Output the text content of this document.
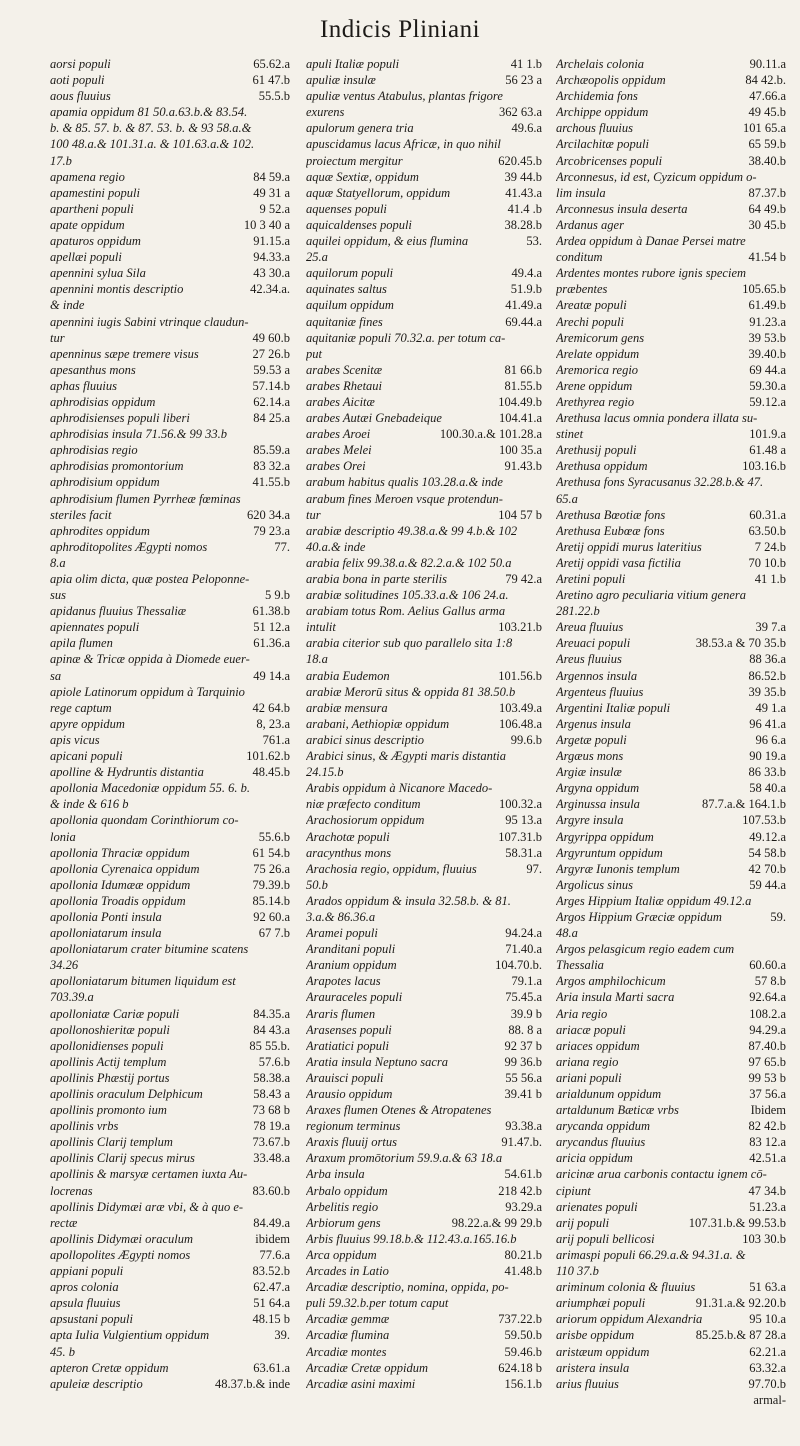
Indicis Pliniani
aorsi populi	65.62.a
aoti populi	61 47.b
aous fluuius	55.5.b
apamia oppidum 81 50.a.63.b.& 83.54.
b. & 85. 57. b. & 87. 53. b. & 93 58.a.&
100 48.a.& 101.31.a. & 101.63.a.& 102.
17.b
apamena regio	84 59.a
apamestini populi	49 31 a
apartheni populi	9 52.a
apate oppidum	10 3 40 a
apaturos oppidum	91.15.a
apellæi populi	94.33.a
apennini sylua Sila	43 30.a
apennini montis descriptio	42.34.a.
& inde
apennini iugis Sabini vtrinque claudun-
tur	49 60.b
apenninus sæpe tremere visus	27 26.b
apesanthus mons	59.53 a
aphas fluuius	57.14.b
aphrodisias oppidum	62.14.a
aphrodisienses populi liberi	84 25.a
aphrodisias insula 71.56.& 99 33.b
aphrodisias regio	85.59.a
aphrodisias promontorium	83 32.a
aphrodisium oppidum	41.55.b
aphrodisium flumen Pyrrheæ fœminas
steriles facit	620 34.a
aphrodites oppidum	79 23.a
aphroditopolites Ægypti nomos	77.
8.a
apia olim dicta, quæ postea Peloponne-
sus	5 9.b
apidanus fluuius Thessaliæ	61.38.b
apiennates populi	51 12.a
apila flumen	61.36.a
apinæ & Tricæ oppida à Diomede euer-
sa	49 14.a
apiole Latinorum oppidum à Tarquinio
rege captum	42 64.b
apyre oppidum	8, 23.a
apis vicus	761.a
apicani populi	101.62.b
apolline & Hydruntis distantia	48.45.b
apollonia Macedoniæ oppidum 55. 6. b.
& inde & 616 b
apollonia quondam Corinthiorum co-
lonia	55.6.b
apollonia Thraciæ oppidum	61 54.b
apollonia Cyrenaica oppidum	75 26.a
apollonia Idumææ oppidum	79.39.b
apollonia Troadis oppidum	85.14.b
apollonia Ponti insula	92 60.a
apolloniatarum insula	67 7.b
apolloniatarum crater bitumine scatens
34.26
apolloniatarum bitumen liquidum est
703.39.a
apolloniatæ Cariæ populi	84.35.a
apollonoshieritæ populi	84 43.a
apollonidienses populi	85 55.b.
apollinis Actij templum	57.6.b
apollinis Phæstij portus	58.38.a
apollinis oraculum Delphicum	58.43 a
apollinis promonto ium	73 68 b
apollinis vrbs	78 19.a
apollinis Clarij templum	73.67.b
apollinis Clarij specus mirus	33.48.a
apollinis & marsyæ certamen iuxta Au-
locrenas	83.60.b
apollinis Didymæi aræ vbi, & à quo e-
rectæ	84.49.a
apollinis Didymæi oraculum	ibidem
apollopolites Ægypti nomos	77.6.a
appiani populi	83.52.b
apros colonia	62.47.a
apsula fluuius	51 64.a
apsustani populi	48.15 b
apta Iulia Vulgientium oppidum	39.
45. b
apteron Cretæ oppidum	63.61.a
apuleiæ descriptio	48.37.b.& inde
apuli Italiæ populi	41 1.b
apuliæ insulæ	56 23 a
apuliæ ventus Atabulus, plantas frigore
exurens	362 63.a
apulorum genera tria	49.6.a
apuscidamus lacus Africæ, in quo nihil
proiectum mergitur	620.45.b
aquæ Sextiæ, oppidum	39 44.b
aquæ Statyellorum, oppidum	41.43.a
aquenses populi	41.4 .b
aquicaldenses populi	38.28.b
aquilei oppidum, & eius flumina	53.
25.a
aquilorum populi	49.4.a
aquinates saltus	51.9.b
aquilum oppidum	41.49.a
aquitaniæ fines	69.44.a
aquitaniæ populi 70.32.a. per totum ca-
put
arabes Scenitæ	81 66.b
arabes Rhetaui	81.55.b
arabes Aicitæ	104.49.b
arabes Autæi Gnebadeique	104.41.a
arabes Aroei	100.30.a.& 101.28.a
arabes Melei	100 35.a
arabes Orei	91.43.b
arabum habitus qualis 103.28.a.& inde
arabum fines Meroen vsque protendun-
tur	104 57 b
arabiæ descriptio 49.38.a.& 99 4.b.& 102
40.a.& inde
arabia felix 99.38.a.& 82.2.a.& 102 50.a
arabia bona in parte sterilis	79 42.a
arabiæ solitudines 105.33.a.& 106 24.a.
arabiam totus Rom. Aelius Gallus arma
intulit	103.21.b
arabia citerior sub quo parallelo sita 1:8
18.a
arabia Eudemon	101.56.b
arabiæ Merorū situs & oppida 81 38.50.b
arabiæ mensura	103.49.a
arabani, Aethiopiæ oppidum	106.48.a
arabici sinus descriptio	99.6.b
Arabici sinus, & Ægypti maris distantia
24.15.b
Arabis oppidum à Nicanore Macedo-
niæ præfecto conditum	100.32.a
Arachosiorum oppidum	95 13.a
Arachotæ populi	107.31.b
aracynthus mons	58.31.a
Arachosia regio, oppidum, fluuius	97.
50.b
Arados oppidum & insula 32.58.b. & 81.
3.a.& 86.36.a
Aramei populi	94.24.a
Aranditani populi	71.40.a
Aranium oppidum	104.70.b.
Arapotes lacus	79.1.a
Arauraceles populi	75.45.a
Araris flumen	39.9 b
Arasenses populi	88. 8 a
Aratiatici populi	92 37 b
Aratia insula Neptuno sacra	99 36.b
Arauisci populi	55 56.a
Arausio oppidum	39.41 b
Araxes flumen Otenes & Atropatenes
regionum terminus	93.38.a
Araxis fluuij ortus	91.47.b.
Araxum promōtorium 59.9.a.& 63 18.a
Arba insula	54.61.b
Arbalo oppidum	218 42.b
Arbelitis regio	93.29.a
Arbiorum gens	98.22.a.& 99 29.b
Arbis fluuius 99.18.b.& 112.43.a.165.16.b
Arca oppidum	80.21.b
Arcades in Latio	41.48.b
Arcadiæ descriptio, nomina, oppida, po-
puli 59.32.b.per totum caput
Arcadiæ gemmæ	737.22.b
Arcadiæ flumina	59.50.b
Arcadiæ montes	59.46.b
Arcadiæ Cretæ oppidum	624.18 b
Arcadiæ asini maximi	156.1.b
Archelais colonia	90.11.a
Archæopolis oppidum	84 42.b.
Archidemia fons	47.66.a
Archippe oppidum	49 45.b
archous fluuius	101 65.a
Arcilachitæ populi	65 59.b
Arcobricenses populi	38.40.b
Arconnesus, id est, Cyzicum oppidum o-
lim insula	87.37.b
Arconnesus insula deserta	64 49.b
Ardanus ager	30 45.b
Ardea oppidum à Danae Persei matre
conditum	41.54 b
Ardentes montes rubore ignis speciem
præbentes	105.65.b
Areatæ populi	61.49.b
Arechi populi	91.23.a
Aremicorum gens	39 53.b
Arelate oppidum	39.40.b
Aremorica regio	69 44.a
Arene oppidum	59.30.a
Arethyrea regio	59.12.a
Arethusa lacus omnia pondera illata su-
stinet	101.9.a
Arethusij populi	61.48 a
Arethusa oppidum	103.16.b
Arethusa fons Syracusanus 32.28.b.& 47.
65.a
Arethusa Bœotiæ fons	60.31.a
Arethusa Eubœæ fons	63.50.b
Aretij oppidi murus lateritius	7 24.b
Aretij oppidi vasa fictilia	70 10.b
Aretini populi	41 1.b
Aretino agro peculiaria vitium genera
281.22.b
Areua fluuius	39 7.a
Areuaci populi	38.53.a & 70 35.b
Areus fluuius	88 36.a
Argennos insula	86.52.b
Argenteus fluuius	39 35.b
Argentini Italiæ populi	49 1.a
Argenus insula	96 41.a
Argetæ populi	96 6.a
Argæus mons	90 19.a
Argiæ insulæ	86 33.b
Argyna oppidum	58 40.a
Arginussa insula	87.7.a.& 164.1.b
Argyre insula	107.53.b
Argyrippa oppidum	49.12.a
Argyruntum oppidum	54 58.b
Argyræ Iunonis templum	42 70.b
Argolicus sinus	59 44.a
Arges Hippium Italiæ oppidum 49.12.a
Argos Hippium Græciæ oppidum	59.
48.a
Argos pelasgicum regio eadem cum
Thessalia	60.60.a
Argos amphilochicum	57 8.b
Aria insula Marti sacra	92.64.a
Aria regio	108.2.a
ariacæ populi	94.29.a
ariaces oppidum	87.40.b
ariana regio	97 65.b
ariani populi	99 53 b
arialdunum oppidum	37 56.a
artaldunum Bæticæ vrbs	Ibidem
arycanda oppidum	82 42.b
arycandus fluuius	83 12.a
aricia oppidum	42.51.a
aricinæ arua carbonis contactu ignem cō-
cipiunt	47 34.b
arienates populi	51.23.a
arij populi	107.31.b.& 99.53.b
arij populi bellicosi	103 30.b
arimaspi populi 66.29.a.& 94.31.a. &
110 37.b
ariminum colonia & fluuius	51 63.a
ariumphæi populi	91.31.a.& 92.20.b
ariorum oppidum Alexandria	95 10.a
arisbe oppidum	85.25.b.& 87 28.a
aristæum oppidum	62.21.a
aristera insula	63.32.a
arius fluuius	97.70.b
armal-
